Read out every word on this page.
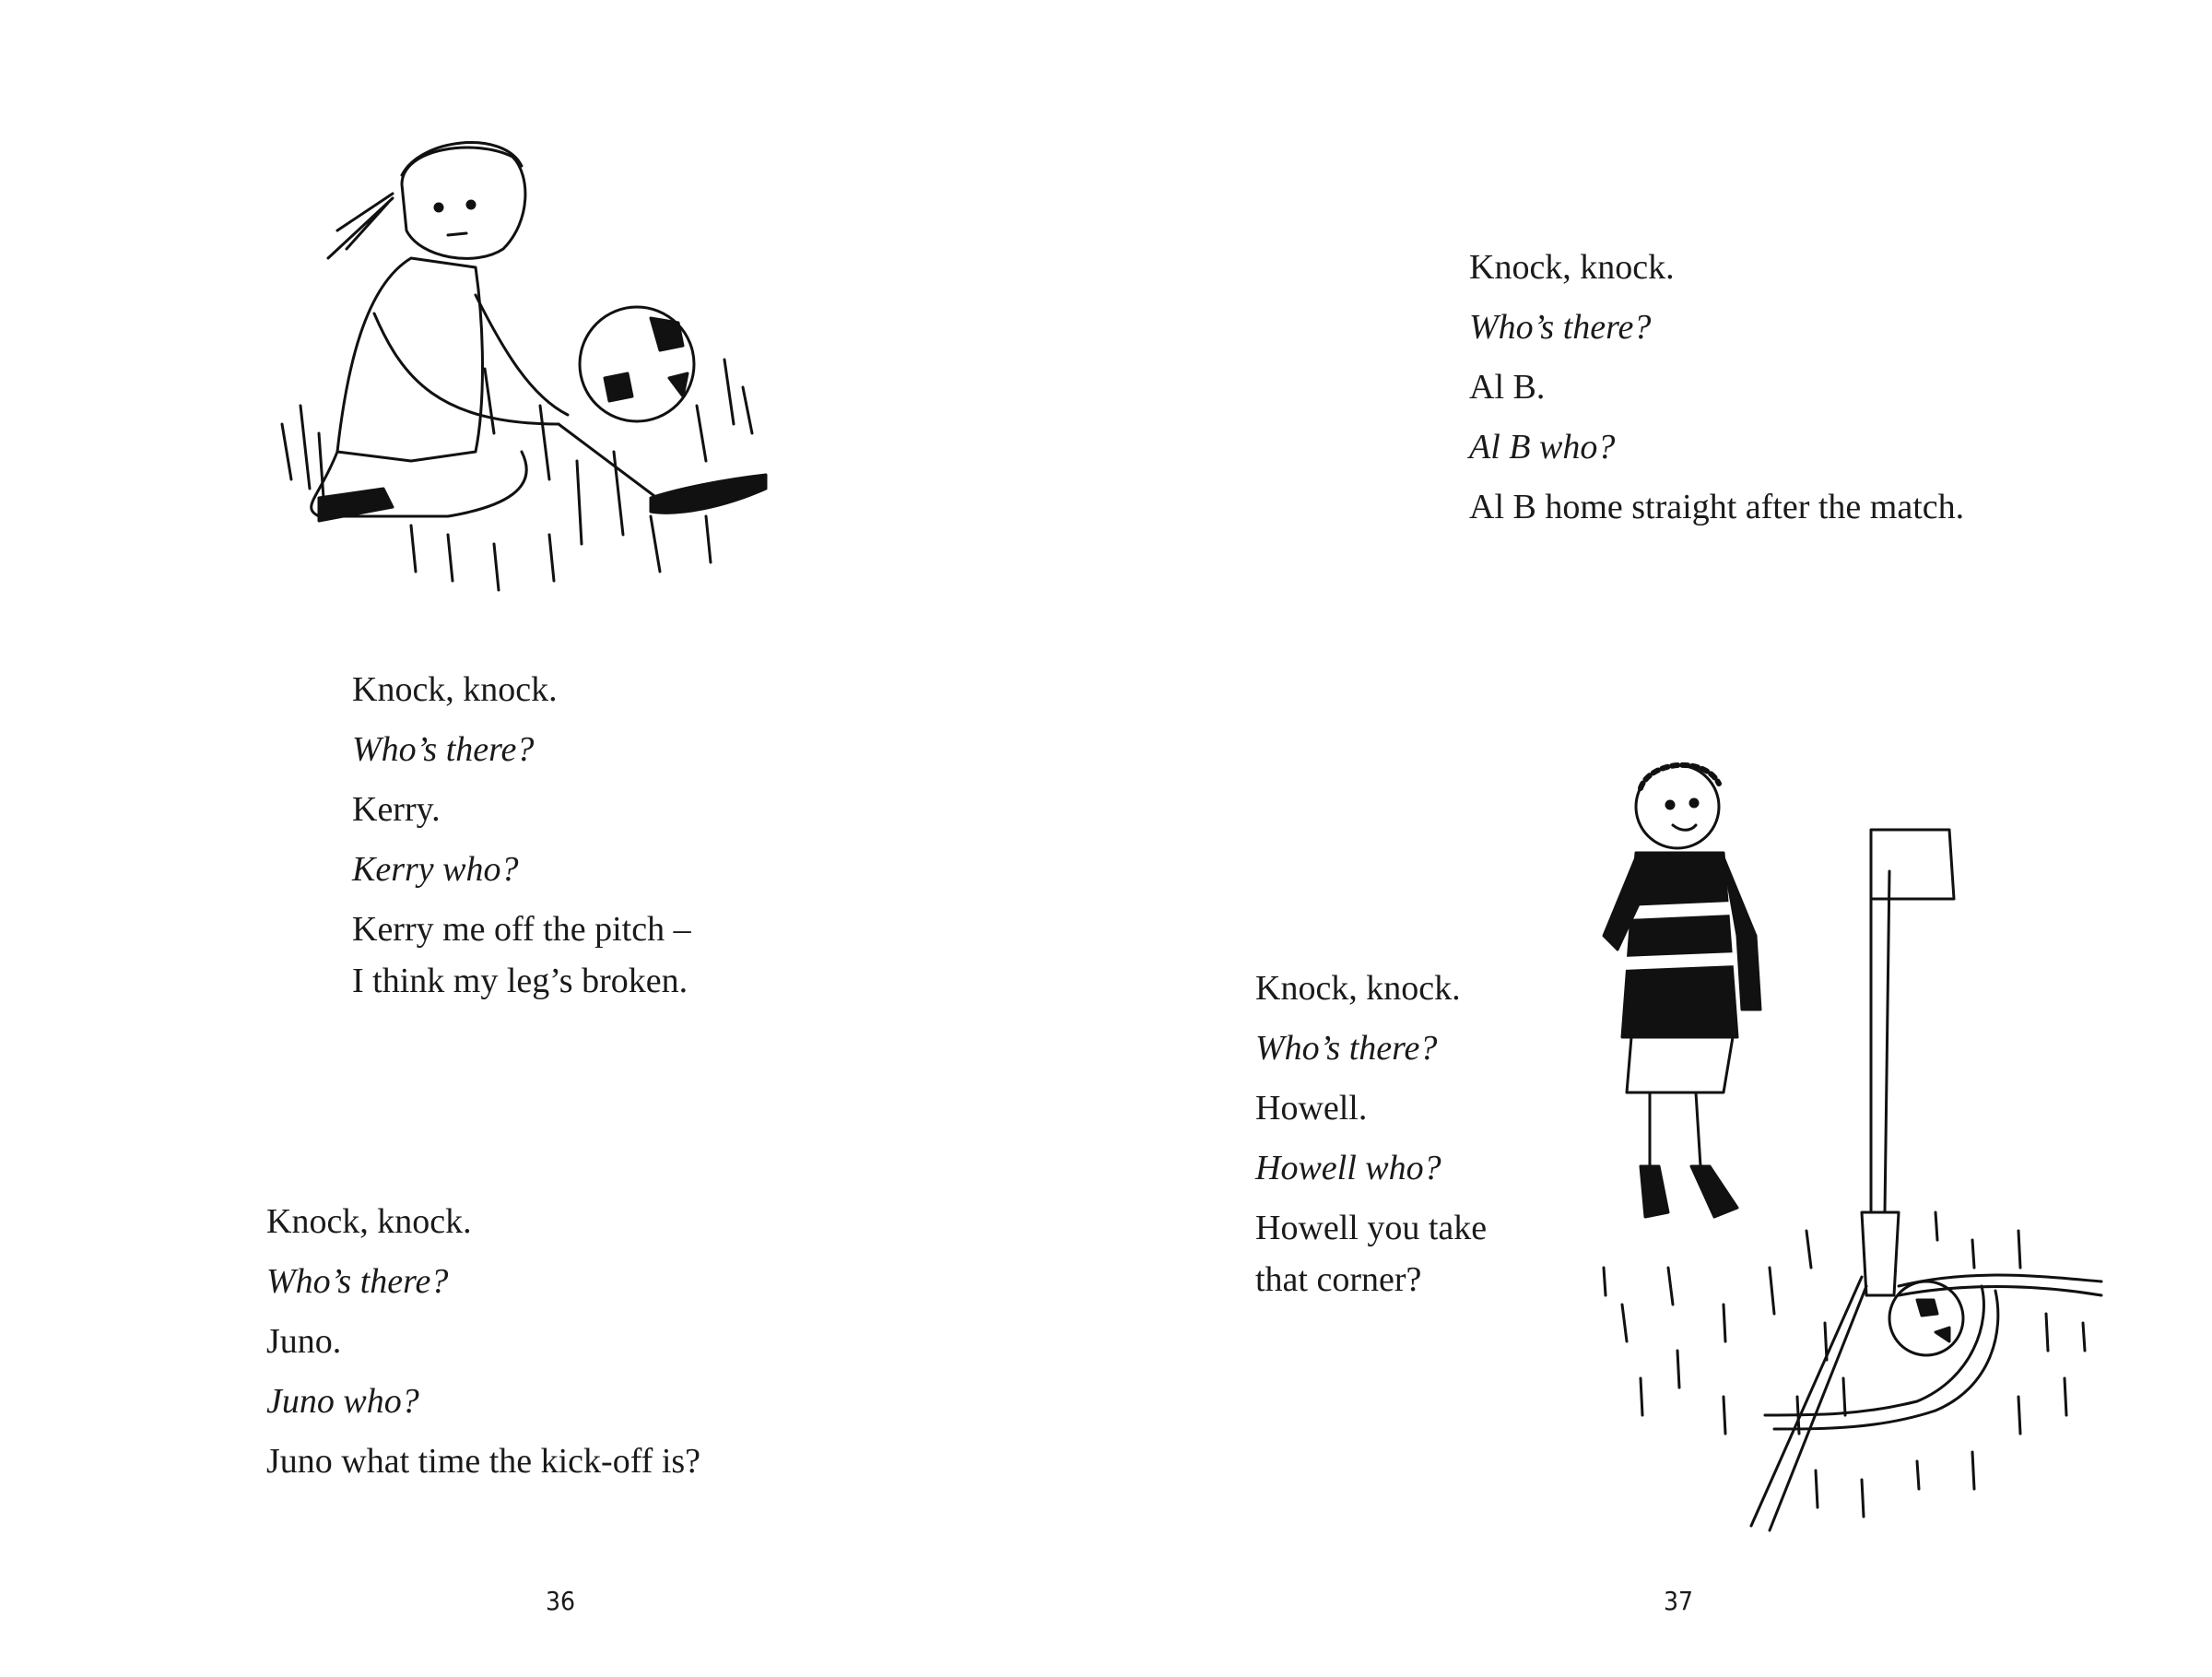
Knock, knock.
Who’s there?
Kerry.
Kerry who?
Kerry me off the pitch –
I think my leg’s broken.
Knock, knock.
Who’s there?
Juno.
Juno who?
Juno what time the kick-off is?
36
Knock, knock.
Who’s there?
Al B.
Al B who?
Al B home straight after the match.
Knock, knock.
Who’s there?
Howell.
Howell who?
Howell you take
that corner?
37
